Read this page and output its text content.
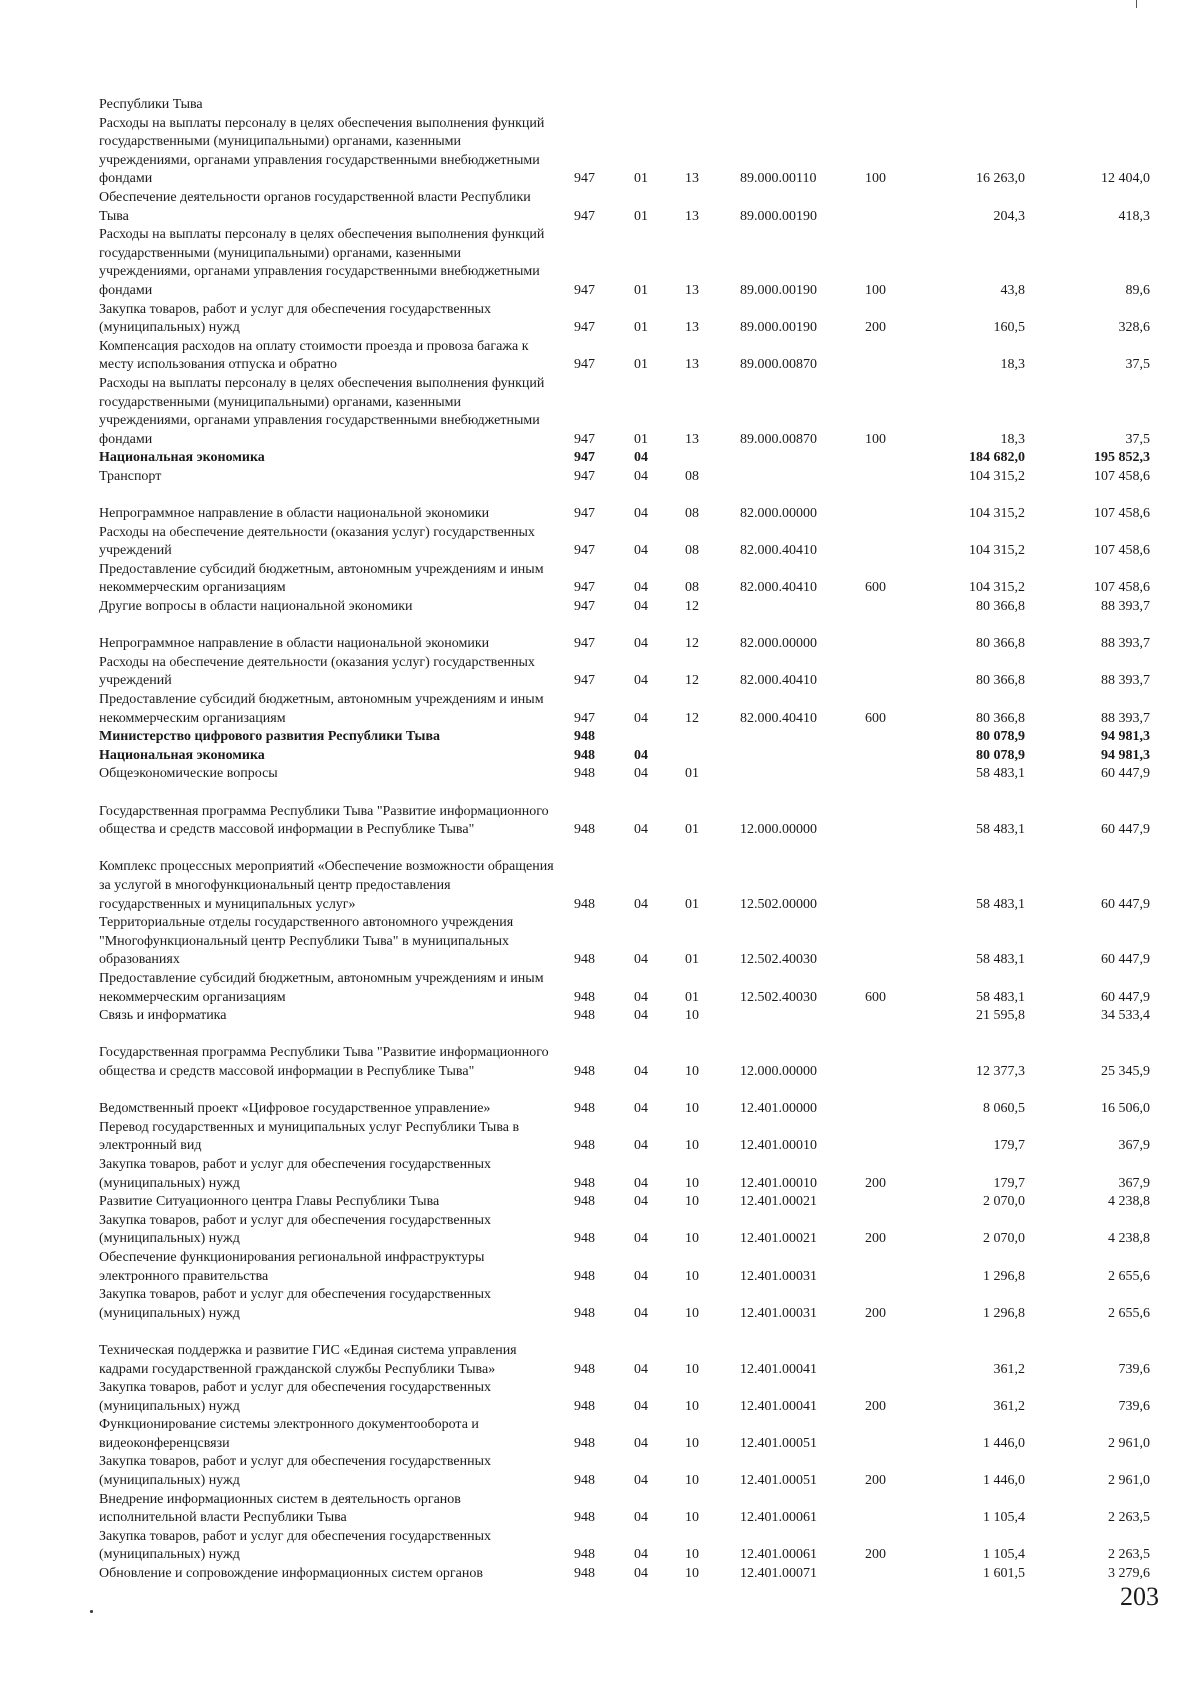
Республики Тыва
Расходы на выплаты персоналу в целях обеспечения выполнения функций государственными (муниципальными) органами, казенными учреждениями, органами управления государственными внебюджетными фондами	947	01	13	89.000.00110	100	16 263,0	12 404,0
Обеспечение деятельности органов государственной власти Республики Тыва	947	01	13	89.000.00190	204,3	418,3
Расходы на выплаты персоналу в целях обеспечения выполнения функций государственными (муниципальными) органами, казенными учреждениями, органами управления государственными внебюджетными фондами	947	01	13	89.000.00190	100	43,8	89,6
Закупка товаров, работ и услуг для обеспечения государственных (муниципальных) нужд	947	01	13	89.000.00190	200	160,5	328,6
Компенсация расходов на оплату стоимости проезда и провоза багажа к месту использования отпуска и обратно	947	01	13	89.000.00870	18,3	37,5
Расходы на выплаты персоналу в целях обеспечения выполнения функций государственными (муниципальными) органами, казенными учреждениями, органами управления государственными внебюджетными фондами	947	01	13	89.000.00870	100	18,3	37,5
Национальная экономика	947	04	184 682,0	195 852,3
Транспорт	947	04	08	104 315,2	107 458,6
Непрограммное направление в области национальной экономики	947	04	08	82.000.00000	104 315,2	107 458,6
Расходы на обеспечение деятельности (оказания услуг) государственных учреждений	947	04	08	82.000.40410	104 315,2	107 458,6
Предоставление субсидий бюджетным, автономным учреждениям и иным некоммерческим организациям	947	04	08	82.000.40410	600	104 315,2	107 458,6
Другие вопросы в области национальной экономики	947	04	12	80 366,8	88 393,7
Непрограммное направление в области национальной экономики	947	04	12	82.000.00000	80 366,8	88 393,7
Расходы на обеспечение деятельности (оказания услуг) государственных учреждений	947	04	12	82.000.40410	80 366,8	88 393,7
Предоставление субсидий бюджетным, автономным учреждениям и иным некоммерческим организациям	947	04	12	82.000.40410	600	80 366,8	88 393,7
Министерство цифрового развития Республики Тыва	948	80 078,9	94 981,3
Национальная экономика	948	04	80 078,9	94 981,3
Общеэкономические вопросы	948	04	01	58 483,1	60 447,9
Государственная программа Республики Тыва "Развитие информационного общества и средств массовой информации в Республике Тыва"	948	04	01	12.000.00000	58 483,1	60 447,9
Комплекс процессных мероприятий «Обеспечение возможности обращения за услугой в многофункциональный центр предоставления государственных и муниципальных услуг»	948	04	01	12.502.00000	58 483,1	60 447,9
Территориальные отделы государственного автономного учреждения "Многофункциональный центр Республики Тыва" в муниципальных образованиях	948	04	01	12.502.40030	58 483,1	60 447,9
Предоставление субсидий бюджетным, автономным учреждениям и иным некоммерческим организациям	948	04	01	12.502.40030	600	58 483,1	60 447,9
Связь и информатика	948	04	10	21 595,8	34 533,4
Государственная программа Республики Тыва "Развитие информационного общества и средств массовой информации в Республике Тыва"	948	04	10	12.000.00000	12 377,3	25 345,9
Ведомственный проект «Цифровое государственное управление»	948	04	10	12.401.00000	8 060,5	16 506,0
Перевод государственных и муниципальных услуг Республики Тыва в электронный вид	948	04	10	12.401.00010	179,7	367,9
Закупка товаров, работ и услуг для обеспечения государственных (муниципальных) нужд	948	04	10	12.401.00010	200	179,7	367,9
Развитие Ситуационного центра Главы Республики Тыва	948	04	10	12.401.00021	2 070,0	4 238,8
Закупка товаров, работ и услуг для обеспечения государственных (муниципальных) нужд	948	04	10	12.401.00021	200	2 070,0	4 238,8
Обеспечение функционирования региональной инфраструктуры электронного правительства	948	04	10	12.401.00031	1 296,8	2 655,6
Закупка товаров, работ и услуг для обеспечения государственных (муниципальных) нужд	948	04	10	12.401.00031	200	1 296,8	2 655,6
Техническая поддержка и развитие ГИС «Единая система управления кадрами государственной гражданской службы Республики Тыва»	948	04	10	12.401.00041	361,2	739,6
Закупка товаров, работ и услуг для обеспечения государственных (муниципальных) нужд	948	04	10	12.401.00041	200	361,2	739,6
Функционирование системы электронного документооборота и видеоконференцсвязи	948	04	10	12.401.00051	1 446,0	2 961,0
Закупка товаров, работ и услуг для обеспечения государственных (муниципальных) нужд	948	04	10	12.401.00051	200	1 446,0	2 961,0
Внедрение информационных систем в деятельность органов исполнительной власти Республики Тыва	948	04	10	12.401.00061	1 105,4	2 263,5
Закупка товаров, работ и услуг для обеспечения государственных (муниципальных) нужд	948	04	10	12.401.00061	200	1 105,4	2 263,5
Обновление и сопровождение информационных систем органов	948	04	10	12.401.00071	1 601,5	3 279,6
203
